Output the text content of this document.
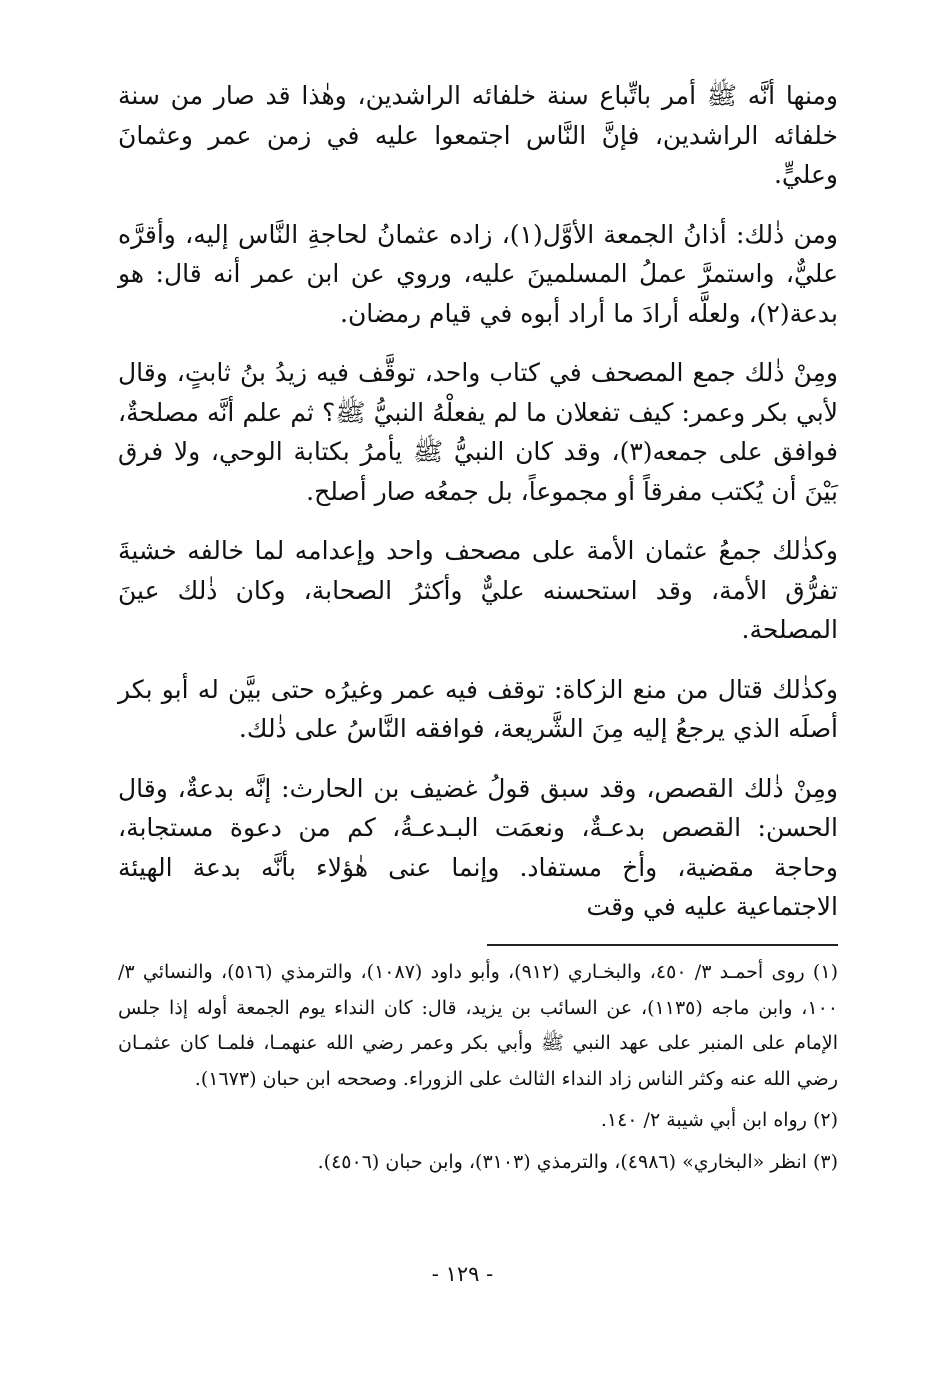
ومنها أنَّه ﷺ أمر باتِّباع سنة خلفائه الراشدين، وهٰذا قد صار من سنة خلفائه الراشدين، فإنَّ النَّاس اجتمعوا عليه في زمن عمر وعثمانَ وعليٍّ.

ومن ذٰلك: أذانُ الجمعة الأوَّل(١)، زاده عثمانُ لحاجةِ النَّاس إليه، وأقرَّه عليٌّ، واستمرَّ عملُ المسلمينَ عليه، وروي عن ابن عمر أنه قال: هو بدعة(٢)، ولعلَّه أرادَ ما أراد أبوه في قيام رمضان.

ومِنْ ذٰلك جمع المصحف في كتاب واحد، توقَّف فيه زيدُ بنُ ثابتٍ، وقال لأبي بكر وعمر: كيف تفعلان ما لم يفعلْهُ النبيُّ ﷺ؟ ثم علم أنَّه مصلحةٌ، فوافق على جمعه(٣)، وقد كان النبيُّ ﷺ يأمرُ بكتابة الوحي، ولا فرق بَيْنَ أن يُكتب مفرقاً أو مجموعاً، بل جمعُه صار أصلح.

وكذٰلك جمعُ عثمان الأمة على مصحف واحد وإعدامه لما خالفه خشيةَ تفرُّق الأمة، وقد استحسنه عليٌّ وأكثرُ الصحابة، وكان ذٰلك عينَ المصلحة.

وكذٰلك قتال من منع الزكاة: توقف فيه عمر وغيرُه حتى بيَّن له أبو بكر أصلَه الذي يرجعُ إليه مِنَ الشَّريعة، فوافقه النَّاسُ على ذٰلك.

ومِنْ ذٰلك القصص، وقد سبق قولُ غضيف بن الحارث: إنَّه بدعةٌ، وقال الحسن: القصص بدعـةٌ، ونعمَت البـدعـةُ، كم من دعوة مستجابة، وحاجة مقضية، وأخ مستفاد. وإنما عنى هٰؤلاء بأنَّه بدعة الهيئة الاجتماعية عليه في وقت

(١) روى أحمـد ٣/ ٤٥٠، والبخـاري (٩١٢)، وأبو داود (١٠٨٧)، والترمذي (٥١٦)، والنسائي ٣/ ١٠٠، وابن ماجه (١١٣٥)، عن السائب بن يزيد، قال: كان النداء يوم الجمعة أوله إذا جلس الإمام على المنبر على عهد النبي ﷺ وأبي بكر وعمر رضي الله عنهمـا، فلمـا كان عثمـان رضي الله عنه وكثر الناس زاد النداء الثالث على الزوراء. وصححه ابن حبان (١٦٧٣).
(٢) رواه ابن أبي شيبة ٢/ ١٤٠.
(٣) انظر «البخاري» (٤٩٨٦)، والترمذي (٣١٠٣)، وابن حبان (٤٥٠٦).
- ١٢٩ -
